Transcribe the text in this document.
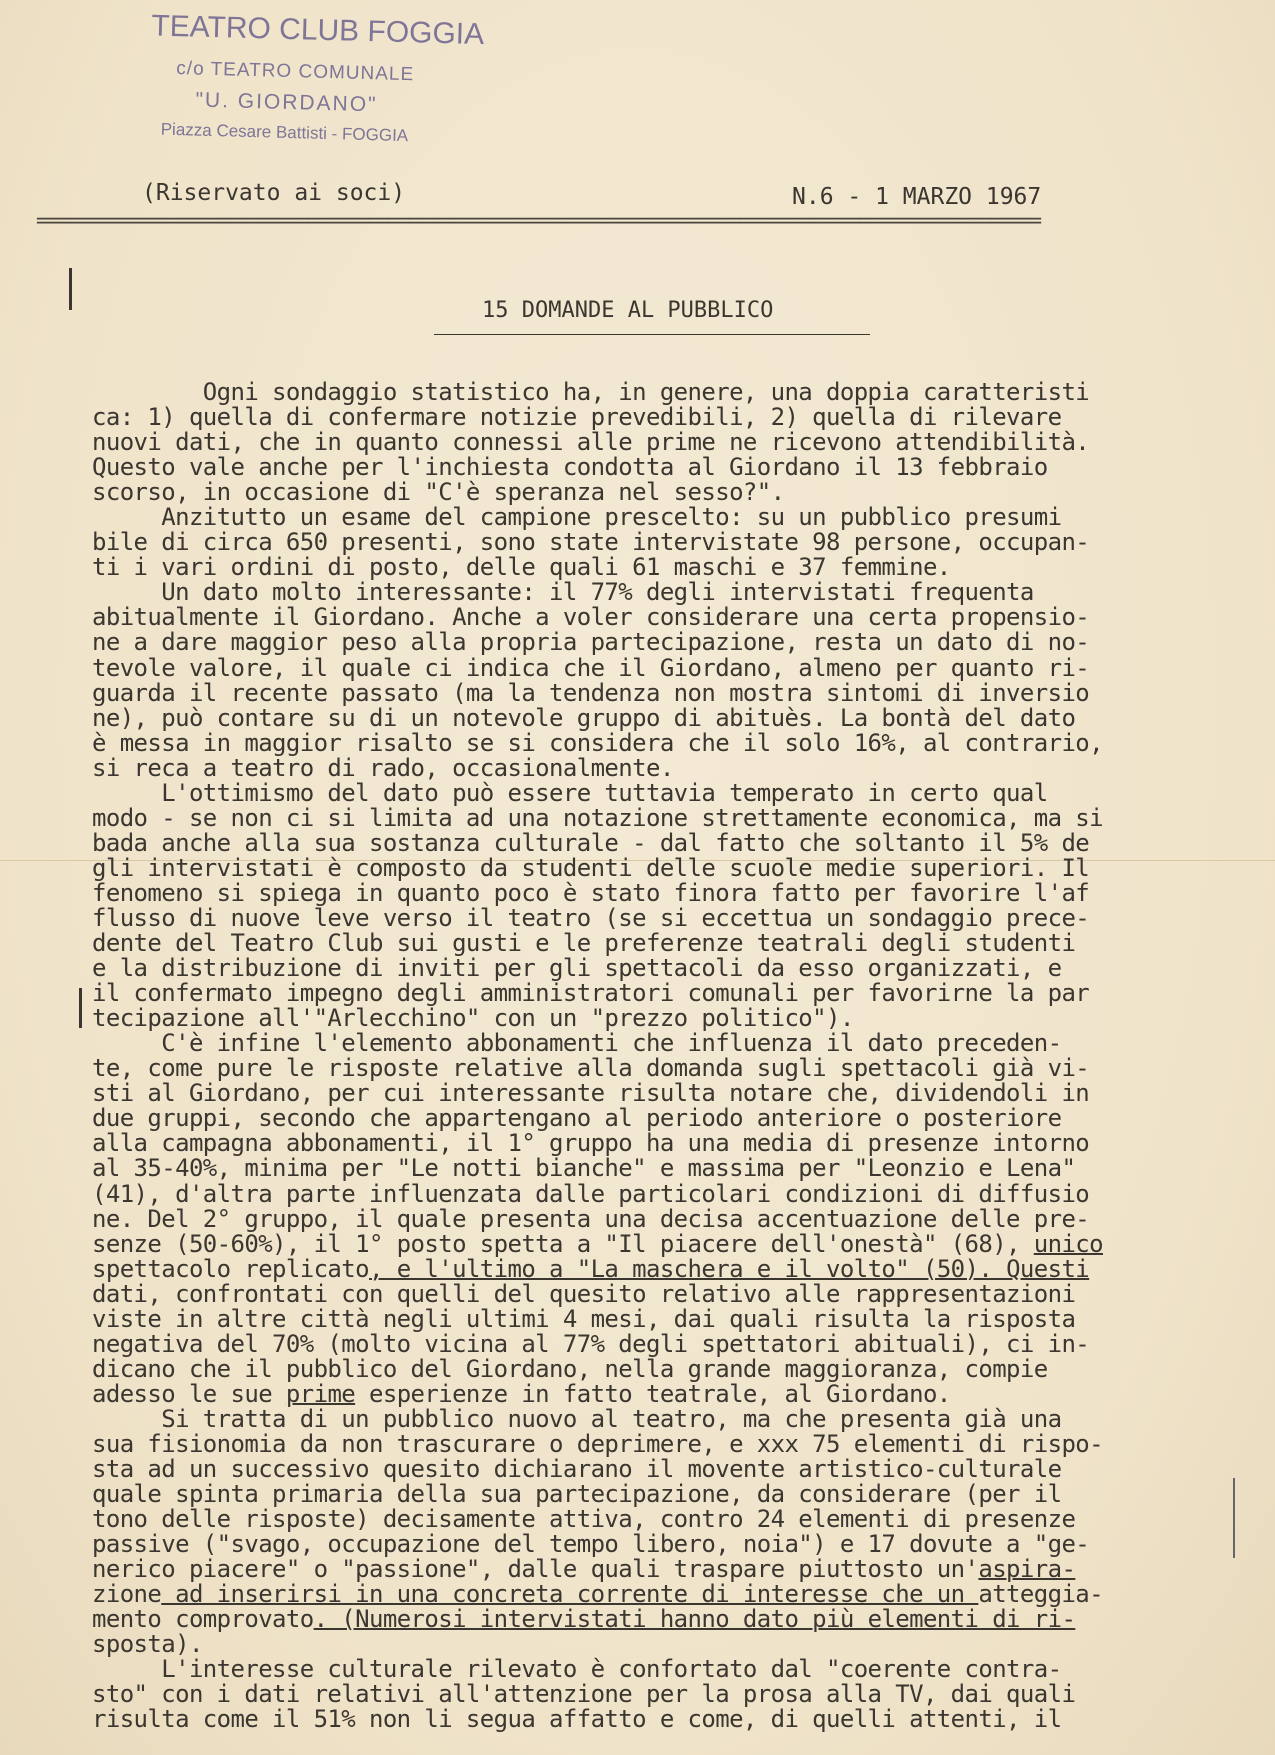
TEATRO CLUB FOGGIA
c/o TEATRO COMUNALE
"U. GIORDANO"
Piazza Cesare Battisti - FOGGIA
(Riservato ai soci)	N.6 - 1 MARZO 1967
====================================================================================================
15 DOMANDE AL PUBBLICO
Ogni sondaggio statistico ha, in genere, una doppia caratteristi
ca: 1) quella di confermare notizie prevedibili, 2) quella di rilevare
nuovi dati, che in quanto connessi alle prime ne ricevono attendibilità.
Questo vale anche per l'inchiesta condotta al Giordano il 13 febbraio
scorso, in occasione di "C'è speranza nel sesso?".
Anzitutto un esame del campione prescelto: su un pubblico presumi
bile di circa 650 presenti, sono state intervistate 98 persone, occupan-
ti i vari ordini di posto, delle quali 61 maschi e 37 femmine.
Un dato molto interessante: il 77% degli intervistati frequenta
abitualmente il Giordano. Anche a voler considerare una certa propensio-
ne a dare maggior peso alla propria partecipazione, resta un dato di no-
tevole valore, il quale ci indica che il Giordano, almeno per quanto ri-
guarda il recente passato (ma la tendenza non mostra sintomi di inversio
ne), può contare su di un notevole gruppo di abituès. La bontà del dato
è messa in maggior risalto se si considera che il solo 16%, al contrario,
si reca a teatro di rado, occasionalmente.
L'ottimismo del dato può essere tuttavia temperato in certo qual
modo - se non ci si limita ad una notazione strettamente economica, ma si
bada anche alla sua sostanza culturale - dal fatto che soltanto il 5% de
gli intervistati è composto da studenti delle scuole medie superiori. Il
fenomeno si spiega in quanto poco è stato finora fatto per favorire l'af
flusso di nuove leve verso il teatro (se si eccettua un sondaggio prece-
dente del Teatro Club sui gusti e le preferenze teatrali degli studenti
e la distribuzione di inviti per gli spettacoli da esso organizzati, e
il confermato impegno degli amministratori comunali per favorirne la par
tecipazione all'"Arlecchino" con un "prezzo politico").
C'è infine l'elemento abbonamenti che influenza il dato preceden-
te, come pure le risposte relative alla domanda sugli spettacoli già vi-
sti al Giordano, per cui interessante risulta notare che, dividendoli in
due gruppi, secondo che appartengano al periodo anteriore o posteriore
alla campagna abbonamenti, il 1° gruppo ha una media di presenze intorno
al 35-40%, minima per "Le notti bianche" e massima per "Leonzio e Lena"
(41), d'altra parte influenzata dalle particolari condizioni di diffusio
ne. Del 2° gruppo, il quale presenta una decisa accentuazione delle pre-
senze (50-60%), il 1° posto spetta a "Il piacere dell'onestà" (68), unico
spettacolo replicato, e l'ultimo a "La maschera e il volto" (50). Questi
dati, confrontati con quelli del quesito relativo alle rappresentazioni
viste in altre città negli ultimi 4 mesi, dai quali risulta la risposta
negativa del 70% (molto vicina al 77% degli spettatori abituali), ci in-
dicano che il pubblico del Giordano, nella grande maggioranza, compie
adesso le sue prime esperienze in fatto teatrale, al Giordano.
Si tratta di un pubblico nuovo al teatro, ma che presenta già una
sua fisionomia da non trascurare o deprimere, e xxx 75 elementi di rispo-
sta ad un successivo quesito dichiarano il movente artistico-culturale
quale spinta primaria della sua partecipazione, da considerare (per il
tono delle risposte) decisamente attiva, contro 24 elementi di presenze
passive ("svago, occupazione del tempo libero, noia") e 17 dovute a "ge-
nerico piacere" o "passione", dalle quali traspare piuttosto un'aspira-
zione ad inserirsi in una concreta corrente di interesse che un atteggia-
mento comprovato. (Numerosi intervistati hanno dato più elementi di ri-
sposta).
L'interesse culturale rilevato è confortato dal "coerente contra-
sto" con i dati relativi all'attenzione per la prosa alla TV, dai quali
risulta come il 51% non li segua affatto e come, di quelli attenti, il
